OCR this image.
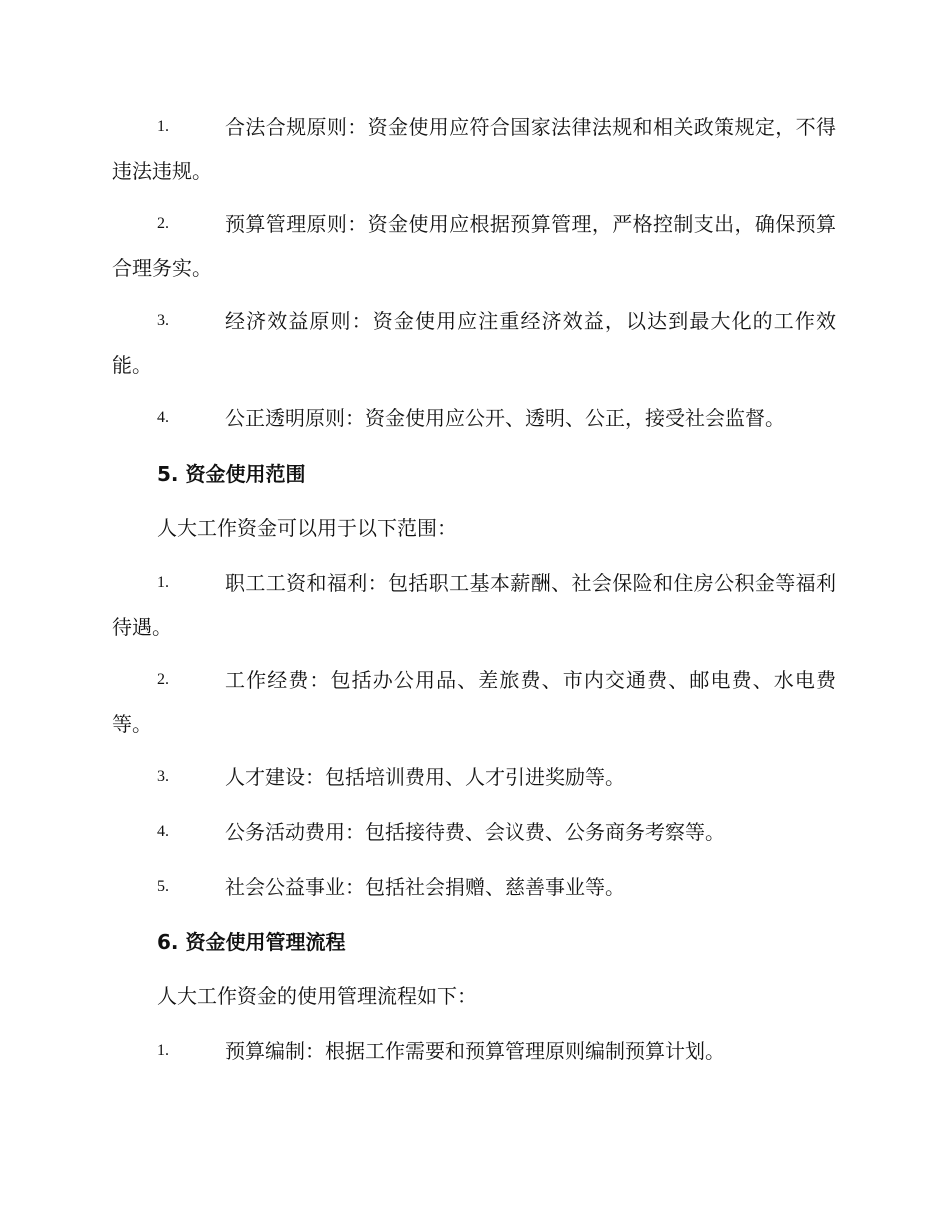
1.	合法合规原则：资金使用应符合国家法律法规和相关政策规定，不得违法违规。
2.	预算管理原则：资金使用应根据预算管理，严格控制支出，确保预算合理务实。
3.	经济效益原则：资金使用应注重经济效益，以达到最大化的工作效能。
4.	公正透明原则：资金使用应公开、透明、公正，接受社会监督。
5. 资金使用范围
人大工作资金可以用于以下范围：
1.	职工工资和福利：包括职工基本薪酬、社会保险和住房公积金等福利待遇。
2.	工作经费：包括办公用品、差旅费、市内交通费、邮电费、水电费等。
3.	人才建设：包括培训费用、人才引进奖励等。
4.	公务活动费用：包括接待费、会议费、公务商务考察等。
5.	社会公益事业：包括社会捐赠、慈善事业等。
6. 资金使用管理流程
人大工作资金的使用管理流程如下：
1.	预算编制：根据工作需要和预算管理原则编制预算计划。
